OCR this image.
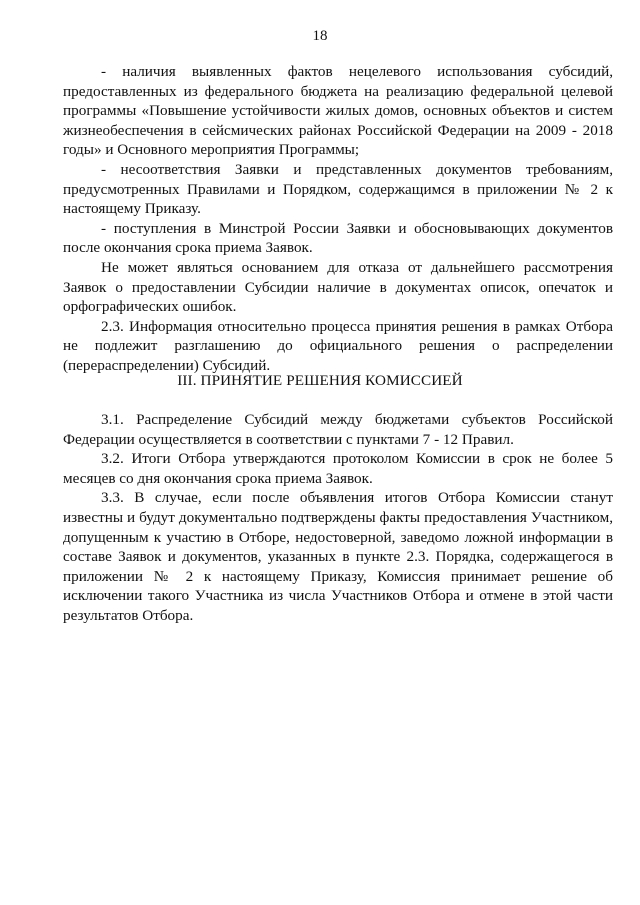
18

- наличия выявленных фактов нецелевого использования субсидий, предоставленных из федерального бюджета на реализацию федеральной целевой программы «Повышение устойчивости жилых домов, основных объектов и систем жизнеобеспечения в сейсмических районах Российской Федерации на 2009 - 2018 годы» и Основного мероприятия Программы;

- несоответствия Заявки и представленных документов требованиям, предусмотренных Правилами и Порядком, содержащимся в приложении № 2 к настоящему Приказу.

- поступления в Минстрой России Заявки и обосновывающих документов после окончания срока приема Заявок.

Не может являться основанием для отказа от дальнейшего рассмотрения Заявок о предоставлении Субсидии наличие в документах описок, опечаток и орфографических ошибок.

2.3. Информация относительно процесса принятия решения в рамках Отбора не подлежит разглашению до официального решения о распределении (перераспределении) Субсидий.

III. ПРИНЯТИЕ РЕШЕНИЯ КОМИССИЕЙ

3.1. Распределение Субсидий между бюджетами субъектов Российской Федерации осуществляется в соответствии с пунктами 7 - 12 Правил.

3.2. Итоги Отбора утверждаются протоколом Комиссии в срок не более 5 месяцев со дня окончания срока приема Заявок.

3.3. В случае, если после объявления итогов Отбора Комиссии станут известны и будут документально подтверждены факты предоставления Участником, допущенным к участию в Отборе, недостоверной, заведомо ложной информации в составе Заявок и документов, указанных в пункте 2.3. Порядка, содержащегося в приложении № 2 к настоящему Приказу, Комиссия принимает решение об исключении такого Участника из числа Участников Отбора и отмене в этой части результатов Отбора.
